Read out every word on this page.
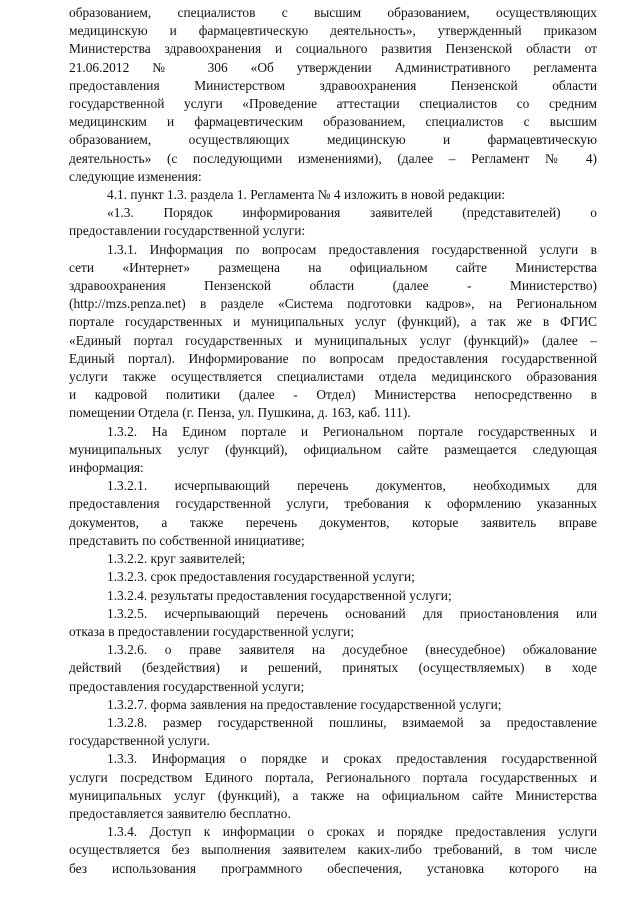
образованием, специалистов с высшим образованием, осуществляющих

медицинскую и фармацевтическую деятельность», утвержденный приказом

Министерства здравоохранения и социального развития Пензенской области от

21.06.2012 № 306 «Об утверждении Административного регламента

предоставления Министерством здравоохранения Пензенской области

государственной услуги «Проведение аттестации специалистов со средним

медицинским и фармацевтическим образованием, специалистов с высшим

образованием, осуществляющих медицинскую и фармацевтическую

деятельность» (с последующими изменениями), (далее – Регламент № 4)

следующие изменения:

4.1. пункт 1.3. раздела 1. Регламента № 4 изложить в новой редакции:

«1.3. Порядок информирования заявителей (представителей) о

предоставлении государственной услуги:

1.3.1. Информация по вопросам предоставления государственной услуги в

сети «Интернет» размещена на официальном сайте Министерства

здравоохранения Пензенской области (далее - Министерство)

(http://mzs.penza.net) в разделе «Система подготовки кадров», на Региональном

портале государственных и муниципальных услуг (функций), а так же в ФГИС

«Единый портал государственных и муниципальных услуг (функций)» (далее –

Единый портал). Информирование по вопросам предоставления государственной

услуги также осуществляется специалистами отдела медицинского образования

и кадровой политики (далее - Отдел) Министерства непосредственно в

помещении Отдела (г. Пенза, ул. Пушкина, д. 163, каб. 111).

1.3.2. На Едином портале и Региональном портале государственных и

муниципальных услуг (функций), официальном сайте размещается следующая

информация:

1.3.2.1. исчерпывающий перечень документов, необходимых для

предоставления государственной услуги, требования к оформлению указанных

документов, а также перечень документов, которые заявитель вправе

представить по собственной инициативе;

1.3.2.2. круг заявителей;

1.3.2.3. срок предоставления государственной услуги;

1.3.2.4. результаты предоставления государственной услуги;

1.3.2.5. исчерпывающий перечень оснований для приостановления или

отказа в предоставлении государственной услуги;

1.3.2.6. о праве заявителя на досудебное (внесудебное) обжалование

действий (бездействия) и решений, принятых (осуществляемых) в ходе

предоставления государственной услуги;

1.3.2.7. форма заявления на предоставление государственной услуги;

1.3.2.8. размер государственной пошлины, взимаемой за предоставление

государственной услуги.

1.3.3. Информация о порядке и сроках предоставления государственной

услуги посредством Единого портала, Регионального портала государственных и

муниципальных услуг (функций), а также на официальном сайте Министерства

предоставляется заявителю бесплатно.

1.3.4. Доступ к информации о сроках и порядке предоставления услуги

осуществляется без выполнения заявителем каких-либо требований, в том числе

без использования программного обеспечения, установка которого на
